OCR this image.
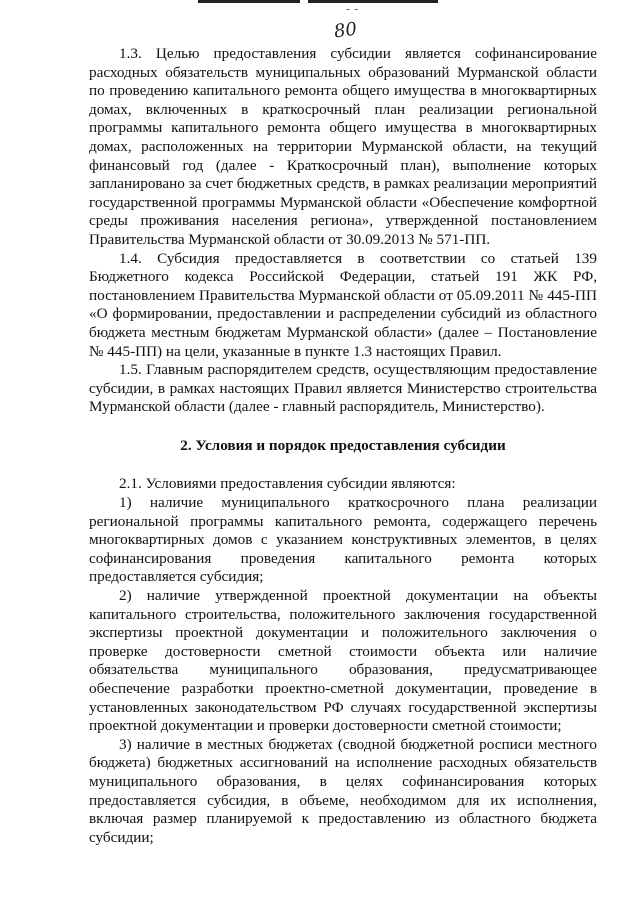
- -
80

1.3. Целью предоставления субсидии является софинансирование расходных обязательств муниципальных образований Мурманской области по проведению капитального ремонта общего имущества в многоквартирных домах, включенных в краткосрочный план реализации региональной программы капитального ремонта общего имущества в многоквартирных домах, расположенных на территории Мурманской области, на текущий финансовый год (далее - Краткосрочный план), выполнение которых запланировано за счет бюджетных средств, в рамках реализации мероприятий государственной программы Мурманской области «Обеспечение комфортной среды проживания населения региона», утвержденной постановлением Правительства Мурманской области от 30.09.2013 № 571-ПП.

1.4. Субсидия предоставляется в соответствии со статьей 139 Бюджетного кодекса Российской Федерации, статьей 191 ЖК РФ, постановлением Правительства Мурманской области от 05.09.2011 № 445-ПП «О формировании, предоставлении и распределении субсидий из областного бюджета местным бюджетам Мурманской области» (далее – Постановление № 445-ПП) на цели, указанные в пункте 1.3 настоящих Правил.

1.5. Главным распорядителем средств, осуществляющим предоставление субсидии, в рамках настоящих Правил является Министерство строительства Мурманской области (далее - главный распорядитель, Министерство).

2. Условия и порядок предоставления субсидии

2.1. Условиями предоставления субсидии являются:

1) наличие муниципального краткосрочного плана реализации региональной программы капитального ремонта, содержащего перечень многоквартирных домов с указанием конструктивных элементов, в целях софинансирования проведения капитального ремонта которых предоставляется субсидия;

2) наличие утвержденной проектной документации на объекты капитального строительства, положительного заключения государственной экспертизы проектной документации и положительного заключения о проверке достоверности сметной стоимости объекта или наличие обязательства муниципального образования, предусматривающее обеспечение разработки проектно-сметной документации, проведение в установленных законодательством РФ случаях государственной экспертизы проектной документации и проверки достоверности сметной стоимости;

3) наличие в местных бюджетах (сводной бюджетной росписи местного бюджета) бюджетных ассигнований на исполнение расходных обязательств муниципального образования, в целях софинансирования которых предоставляется субсидия, в объеме, необходимом для их исполнения, включая размер планируемой к предоставлению из областного бюджета субсидии;
